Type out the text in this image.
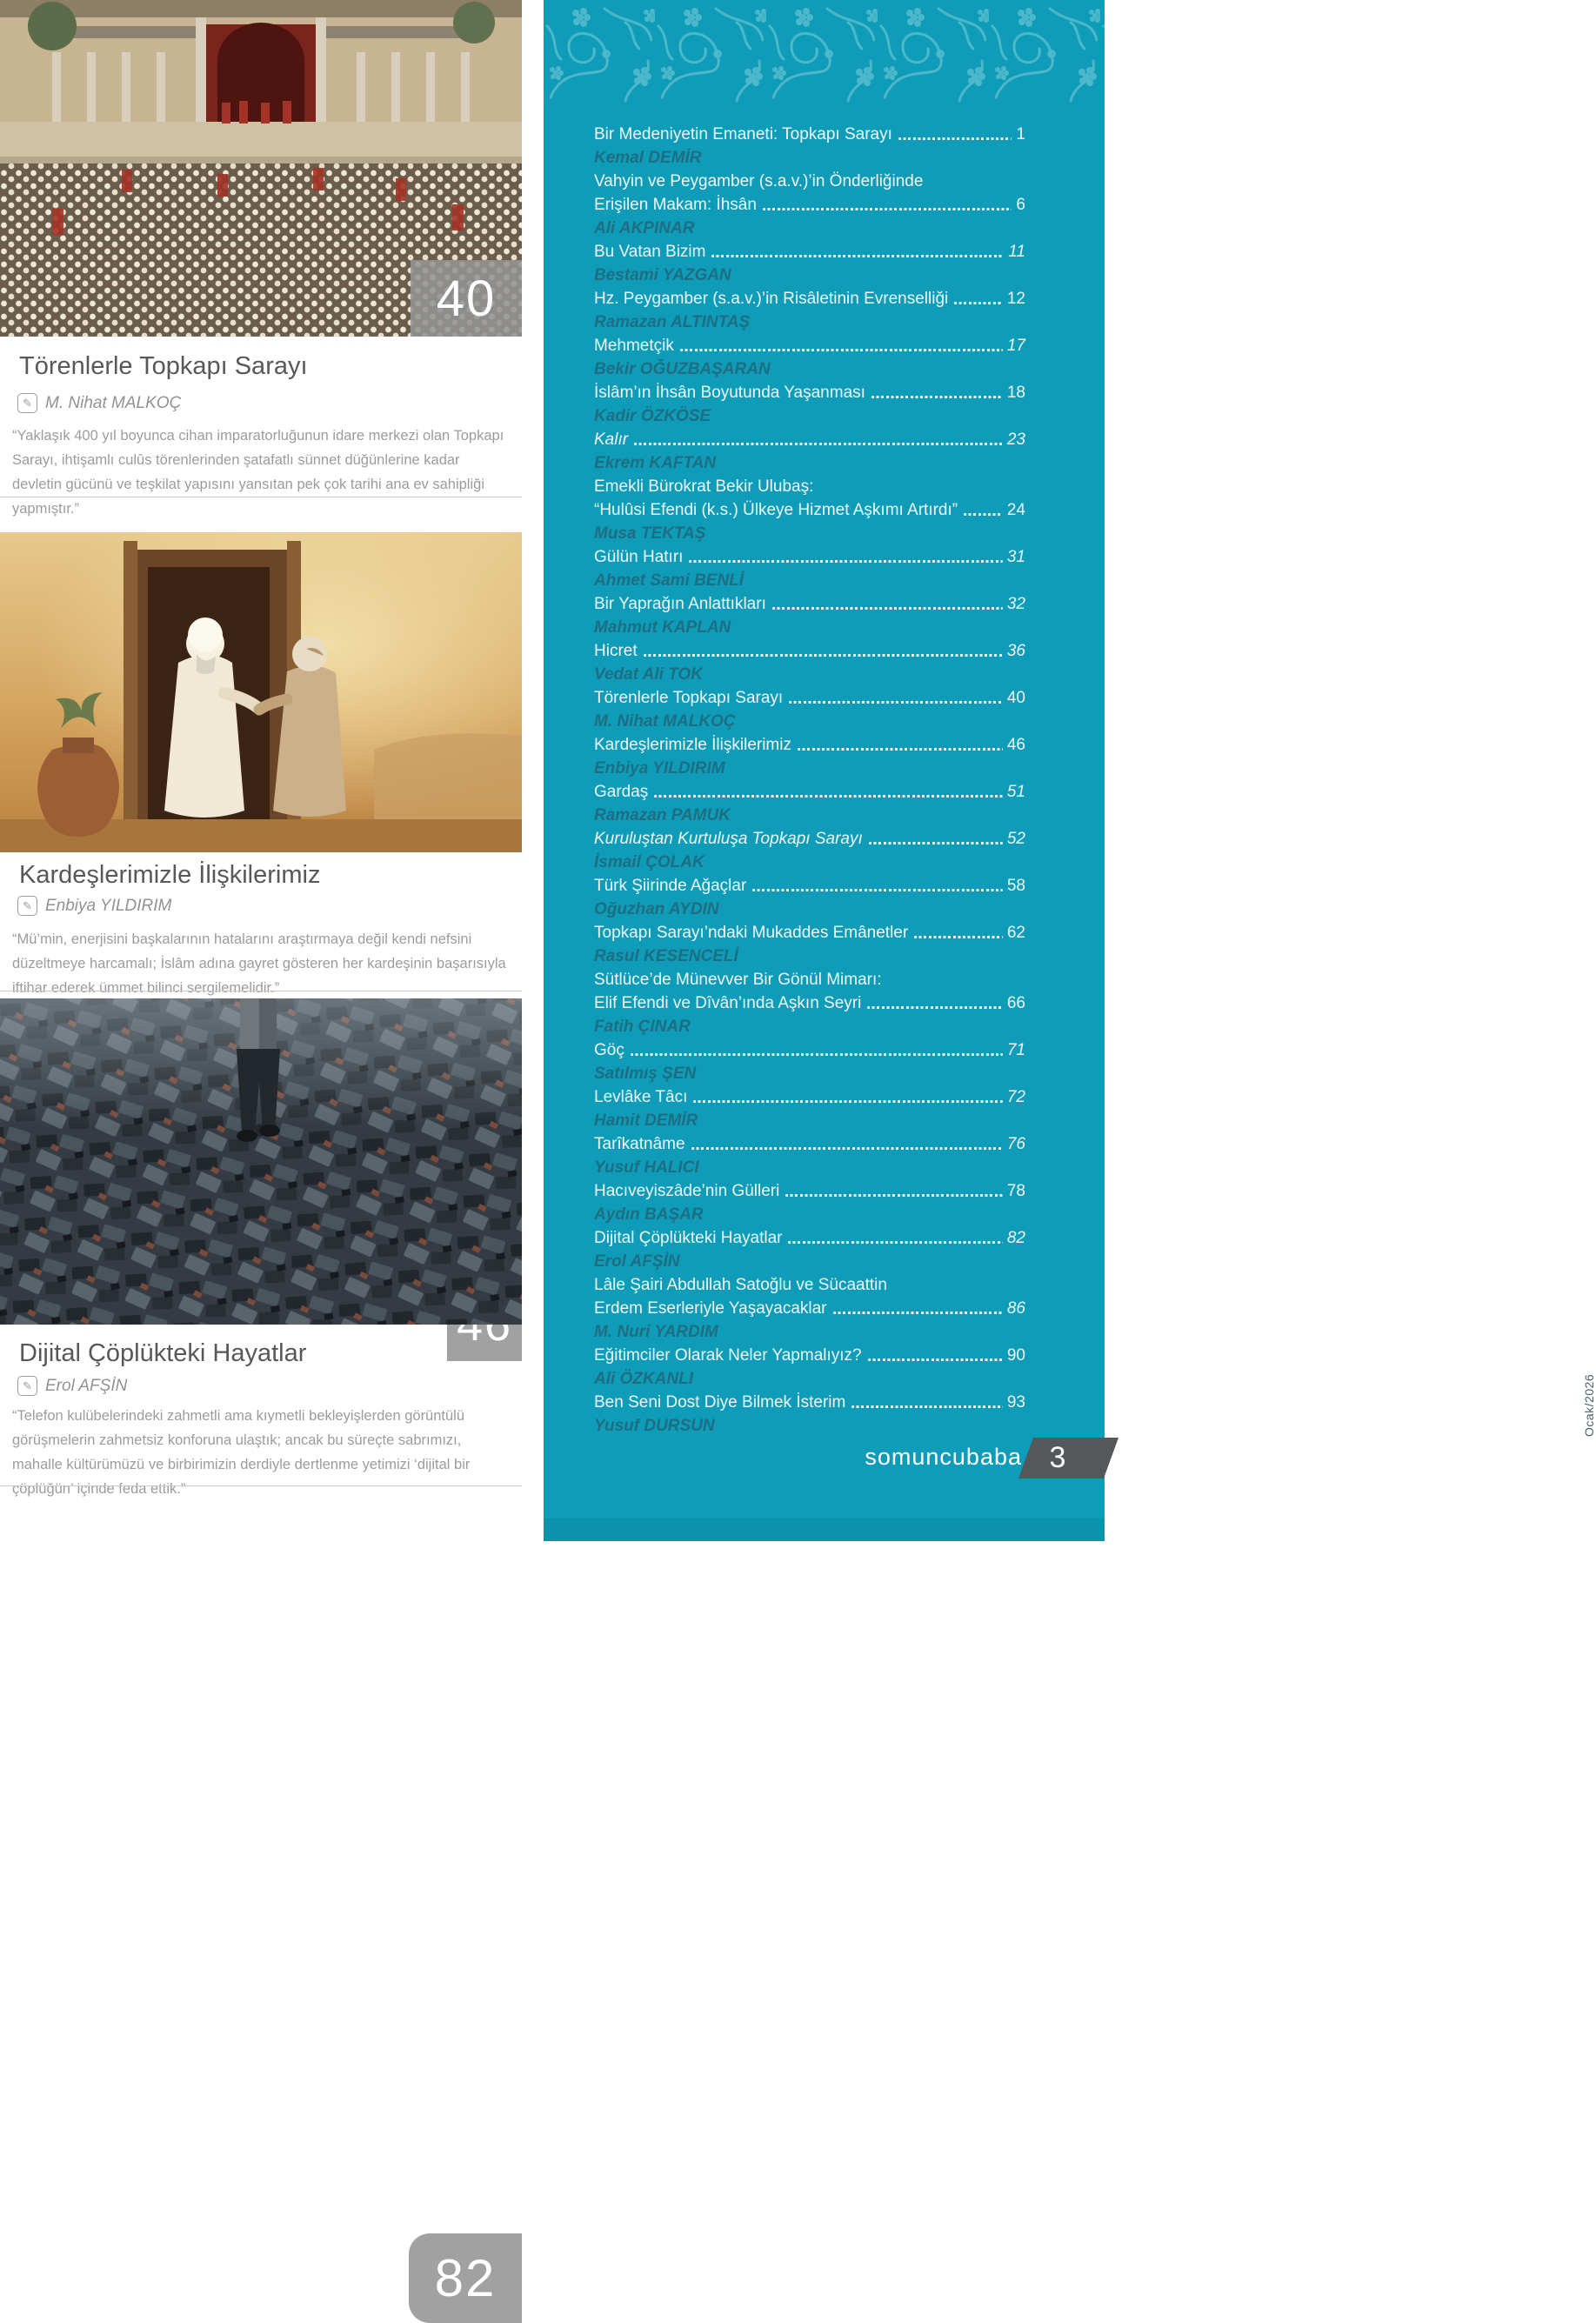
40
Törenlerle Topkapı Sarayı
✎ M. Nihat MALKOÇ
“Yaklaşık 400 yıl boyunca cihan imparatorluğunun idare merkezi olan Topkapı Sarayı, ihtişamlı culûs törenlerinden şatafatlı sünnet düğünlerine kadar devletin gücünü ve teşkilat yapısını yansıtan pek çok tarihi ana ev sahipliği yapmıştır.”
Kardeşlerimizle İlişkilerimiz
✎ Enbiya YILDIRIM
“Mü’min, enerjisini başkalarının hatalarını araştırmaya değil kendi nefsini düzeltmeye harcamalı; İslâm adına gayret gösteren her kardeşinin başarısıyla iftihar ederek ümmet bilinci sergilemelidir.”
82
Dijital Çöplükteki Hayatlar
✎ Erol AFŞİN
“Telefon kulübelerindeki zahmetli ama kıymetli bekleyişlerden görüntülü görüşmelerin zahmetsiz konforuna ulaştık; ancak bu süreçte sabrımızı, mahalle kültürümüzü ve birbirimizin derdiyle dertlenme yetimizi ‘dijital bir çöplüğün’ içinde feda ettik.”
Bir Medeniyetin Emaneti: Topkapı Sarayı	1
Kemal DEMİR
Vahyin ve Peygamber (s.a.v.)’in Önderliğinde
Erişilen Makam: İhsân	6
Ali AKPINAR
Bu Vatan Bizim	11
Bestami YAZGAN
Hz. Peygamber (s.a.v.)’in Risâletinin Evrenselliği	12
Ramazan ALTINTAŞ
Mehmetçik	17
Bekir OĞUZBAŞARAN
İslâm’ın İhsân Boyutunda Yaşanması	18
Kadir ÖZKÖSE
Kalır	23
Ekrem KAFTAN
Emekli Bürokrat Bekir Ulubaş:
“Hulûsi Efendi (k.s.) Ülkeye Hizmet Aşkımı Artırdı”	24
Musa TEKTAŞ
Gülün Hatırı	31
Ahmet Sami BENLİ
Bir Yaprağın Anlattıkları	32
Mahmut KAPLAN
Hicret	36
Vedat Ali TOK
Törenlerle Topkapı Sarayı	40
M. Nihat MALKOÇ
Kardeşlerimizle İlişkilerimiz	46
Enbiya YILDIRIM
Gardaş	51
Ramazan PAMUK
Kuruluştan Kurtuluşa Topkapı Sarayı	52
İsmail ÇOLAK
Türk Şiirinde Ağaçlar	58
Oğuzhan AYDIN
Topkapı Sarayı’ndaki Mukaddes Emânetler	62
Rasul KESENCELİ
Sütlüce’de Münevver Bir Gönül Mimarı:
Elif Efendi ve Dîvân’ında Aşkın Seyri	66
Fatih ÇINAR
Göç	71
Satılmış ŞEN
Levlâke Tâcı	72
Hamit DEMİR
Tarîkatnâme	76
Yusuf HALICI
Hacıveyiszâde’nin Gülleri	78
Aydın BAŞAR
Dijital Çöplükteki Hayatlar	82
Erol AFŞİN
Lâle Şairi Abdullah Satoğlu ve Sücaattin
Erdem Eserleriyle Yaşayacaklar	86
M. Nuri YARDIM
Eğitimciler Olarak Neler Yapmalıyız?	90
Ali ÖZKANLI
Ben Seni Dost Diye Bilmek İsterim	93
Yusuf DURSUN
somuncubaba
Ocak/2026
3
